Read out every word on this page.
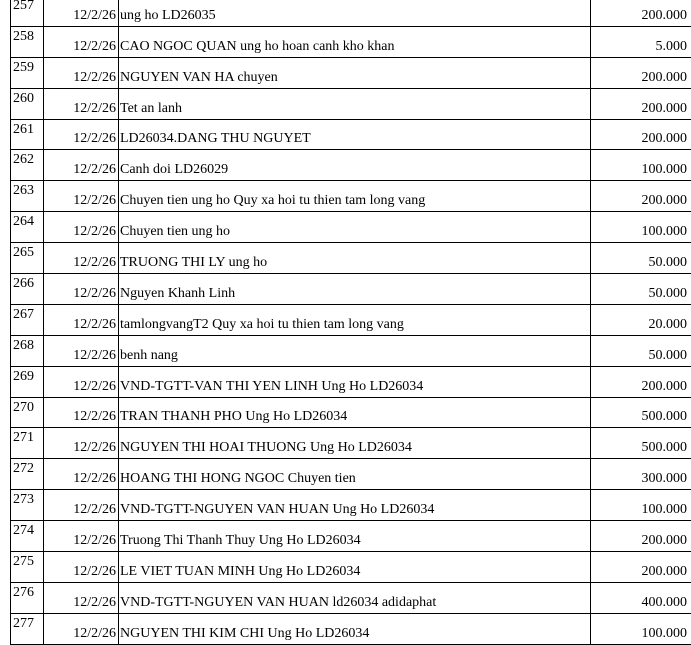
257	12/2/26	ung ho LD26035	200.000
258	12/2/26	CAO NGOC QUAN ung ho hoan canh kho khan	5.000
259	12/2/26	NGUYEN VAN HA chuyen	200.000
260	12/2/26	Tet an lanh	200.000
261	12/2/26	LD26034.DANG THU NGUYET	200.000
262	12/2/26	Canh doi LD26029	100.000
263	12/2/26	Chuyen tien ung ho Quy xa hoi tu thien tam long vang	200.000
264	12/2/26	Chuyen tien ung ho	100.000
265	12/2/26	TRUONG THI LY ung ho	50.000
266	12/2/26	Nguyen Khanh Linh	50.000
267	12/2/26	tamlongvangT2 Quy xa hoi tu thien tam long vang	20.000
268	12/2/26	benh nang	50.000
269	12/2/26	VND-TGTT-VAN THI YEN LINH Ung Ho LD26034	200.000
270	12/2/26	TRAN THANH PHO Ung Ho LD26034	500.000
271	12/2/26	NGUYEN THI HOAI THUONG Ung Ho LD26034	500.000
272	12/2/26	HOANG THI HONG NGOC Chuyen tien	300.000
273	12/2/26	VND-TGTT-NGUYEN VAN HUAN Ung Ho LD26034	100.000
274	12/2/26	Truong Thi Thanh Thuy Ung Ho LD26034	200.000
275	12/2/26	LE VIET TUAN MINH Ung Ho LD26034	200.000
276	12/2/26	VND-TGTT-NGUYEN VAN HUAN ld26034 adidaphat	400.000
277	12/2/26	NGUYEN THI KIM CHI Ung Ho LD26034	100.000
